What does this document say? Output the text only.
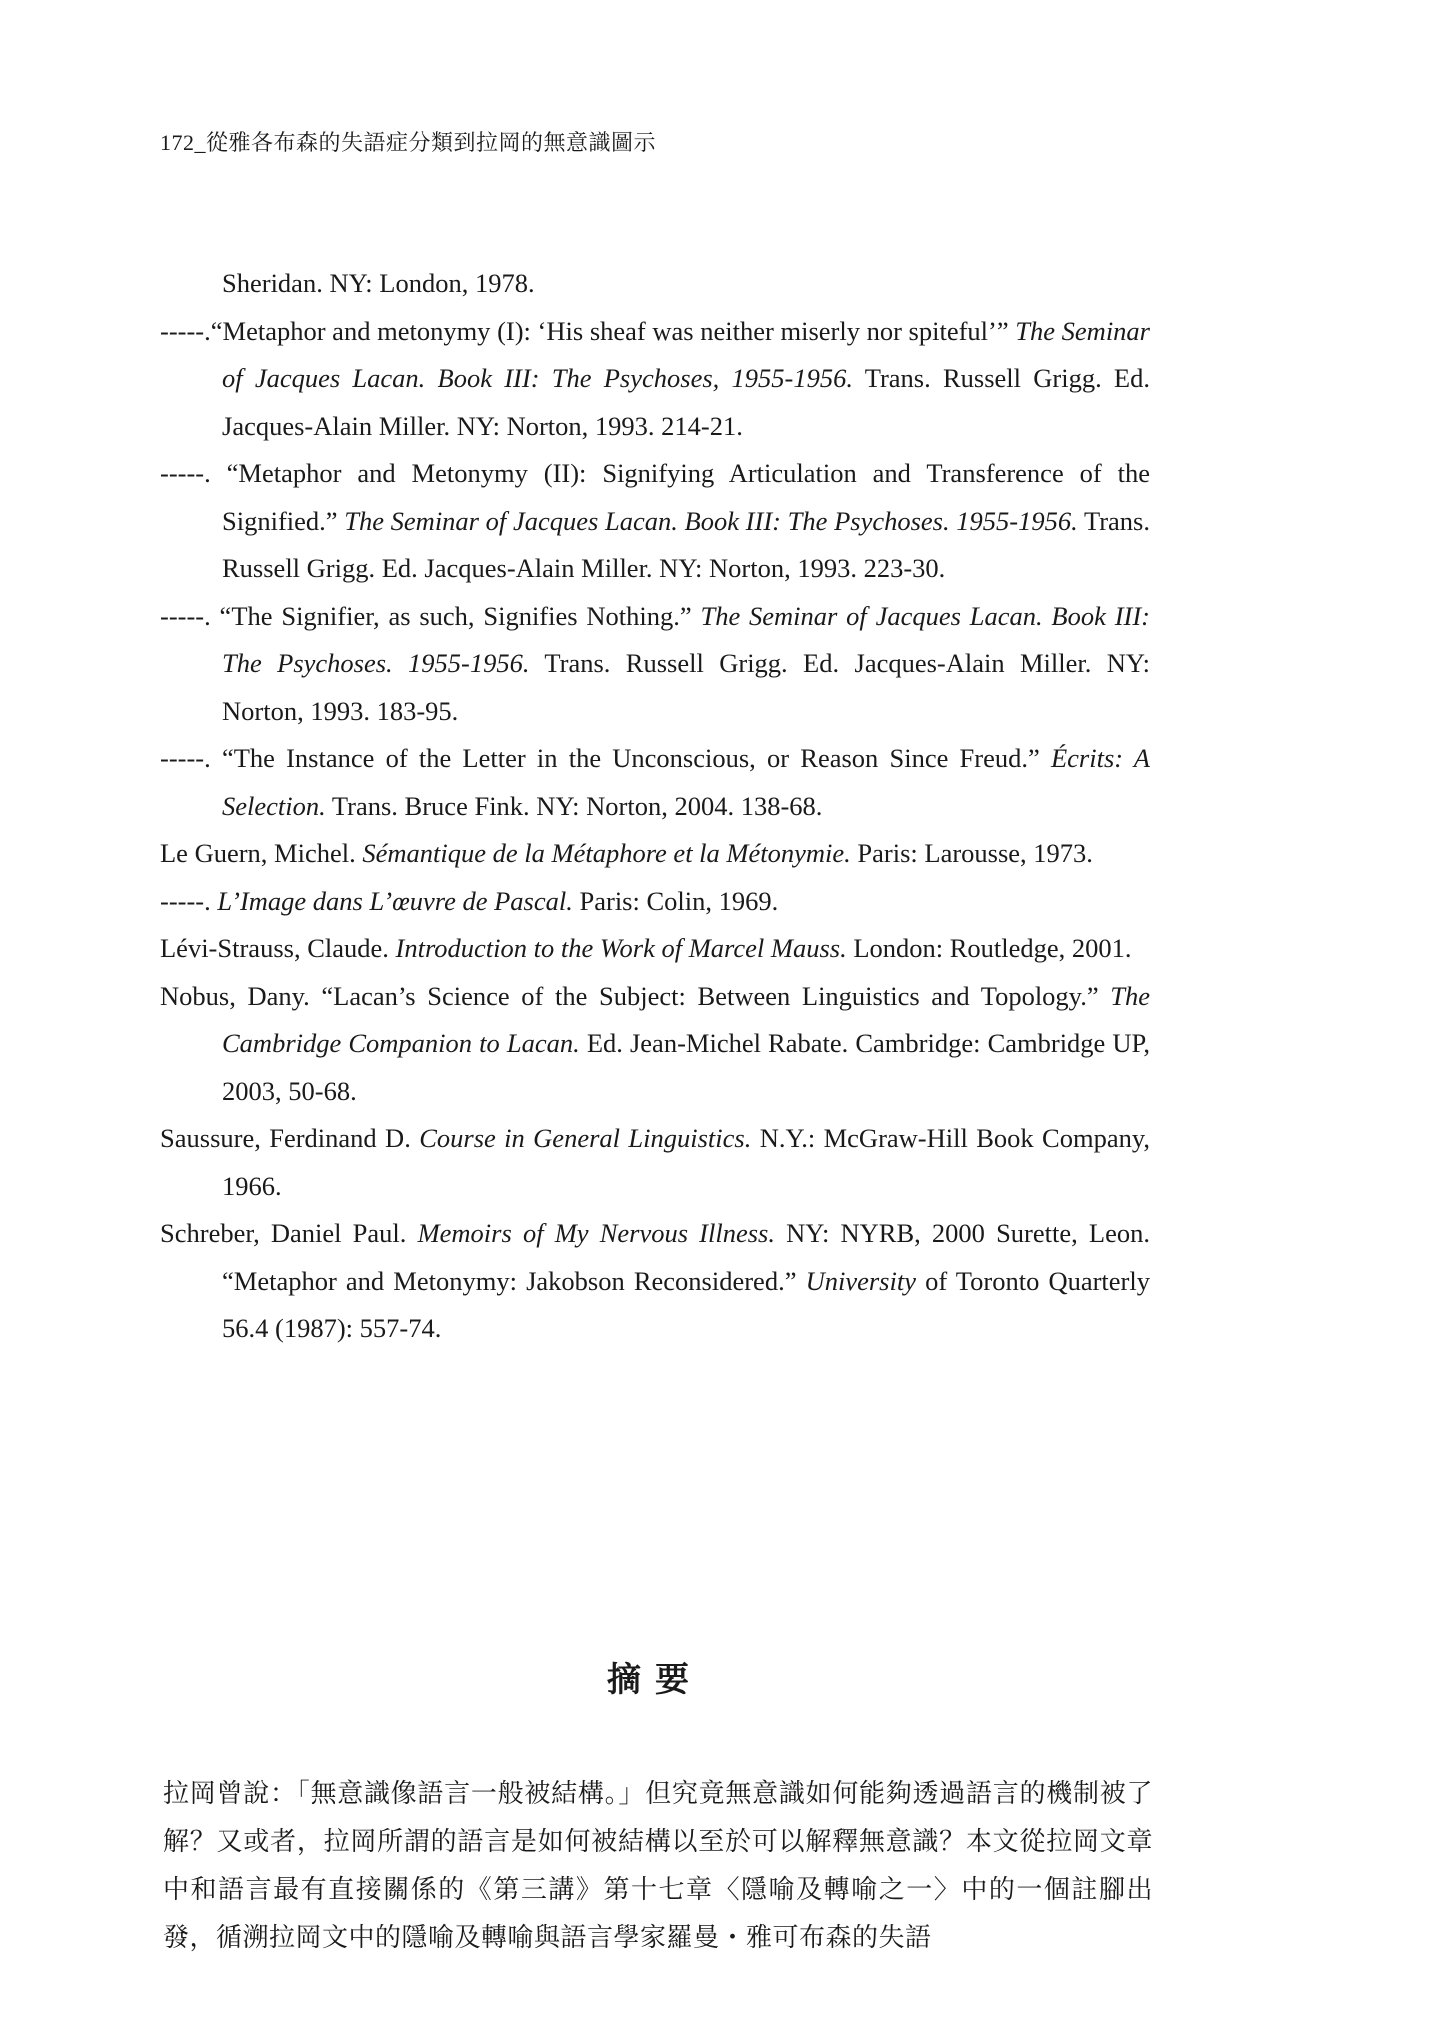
172_從雅各布森的失語症分類到拉岡的無意識圖示

Sheridan. NY: London, 1978.

-----.“Metaphor and metonymy (I): ‘His sheaf was neither miserly nor spiteful’” The Seminar of Jacques Lacan. Book III: The Psychoses, 1955-1956. Trans. Russell Grigg. Ed. Jacques-Alain Miller. NY: Norton, 1993. 214-21.

-----. “Metaphor and Metonymy (II): Signifying Articulation and Transference of the Signified.” The Seminar of Jacques Lacan. Book III: The Psychoses. 1955-1956. Trans. Russell Grigg. Ed. Jacques-Alain Miller. NY: Norton, 1993. 223-30.

-----. “The Signifier, as such, Signifies Nothing.” The Seminar of Jacques Lacan. Book III: The Psychoses. 1955-1956. Trans. Russell Grigg. Ed. Jacques-Alain Miller. NY: Norton, 1993. 183-95.

-----. “The Instance of the Letter in the Unconscious, or Reason Since Freud.” Écrits: A Selection. Trans. Bruce Fink. NY: Norton, 2004. 138-68.

Le Guern, Michel. Sémantique de la Métaphore et la Métonymie. Paris: Larousse, 1973.

-----. L’Image dans L’œuvre de Pascal. Paris: Colin, 1969.

Lévi-Strauss, Claude. Introduction to the Work of Marcel Mauss. London: Routledge, 2001.

Nobus, Dany. “Lacan’s Science of the Subject: Between Linguistics and Topology.” The Cambridge Companion to Lacan. Ed. Jean-Michel Rabate. Cambridge: Cambridge UP, 2003, 50-68.

Saussure, Ferdinand D. Course in General Linguistics. N.Y.: McGraw-Hill Book Company, 1966.

Schreber, Daniel Paul. Memoirs of My Nervous Illness. NY: NYRB, 2000 Surette, Leon. “Metaphor and Metonymy: Jakobson Reconsidered.” University of Toronto Quarterly 56.4 (1987): 557-74.

摘要

拉岡曾說：「無意識像語言一般被結構。」但究竟無意識如何能夠透過語言的機制被了解？又或者，拉岡所謂的語言是如何被結構以至於可以解釋無意識？本文從拉岡文章中和語言最有直接關係的《第三講》第十七章〈隱喻及轉喻之一〉中的一個註腳出發，循溯拉岡文中的隱喻及轉喻與語言學家羅曼・雅可布森的失語
